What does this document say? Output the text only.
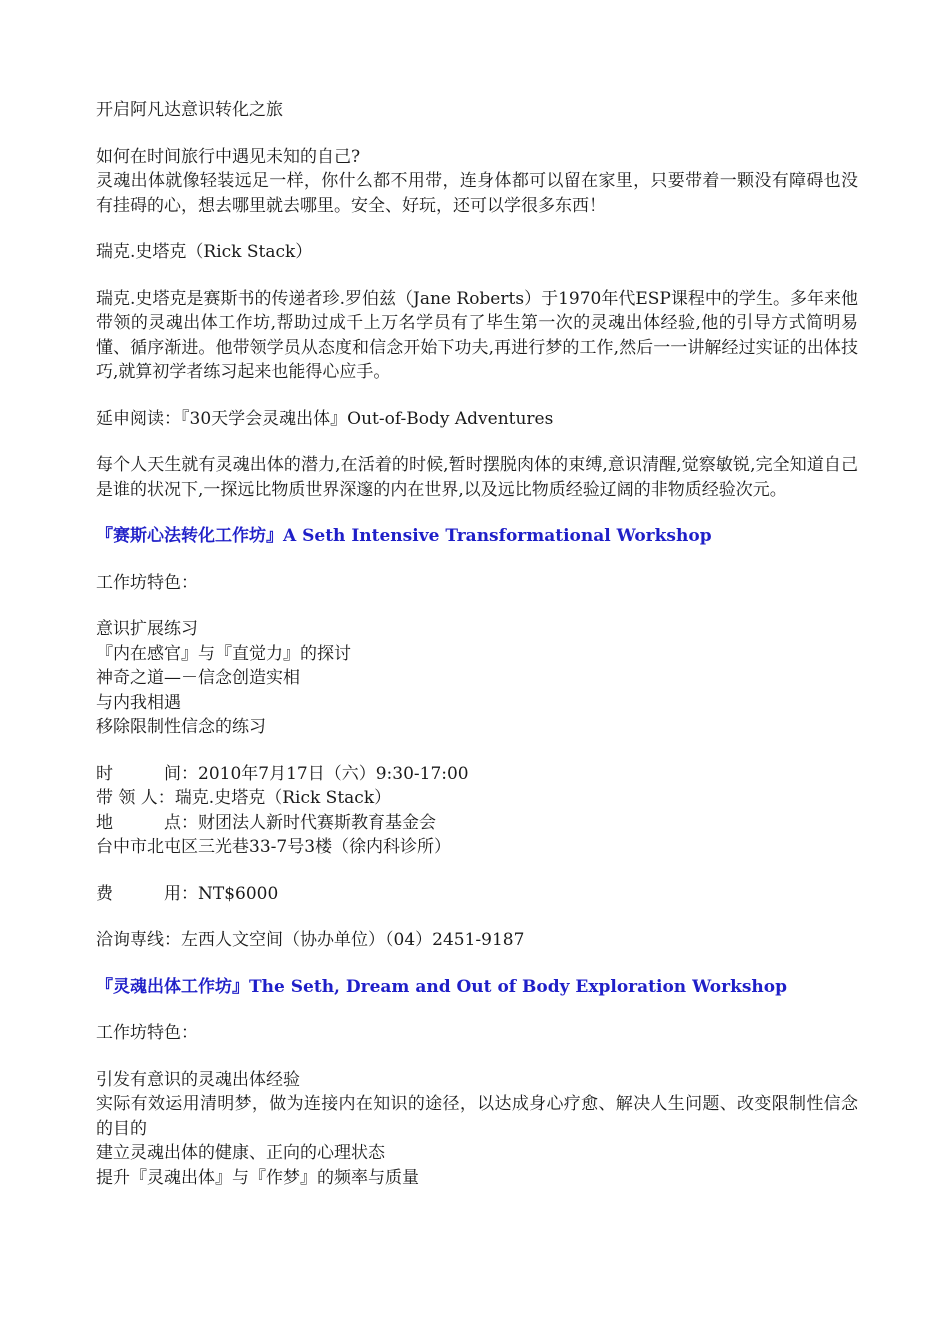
开启阿凡达意识转化之旅

如何在时间旅行中遇见未知的自己?
灵魂出体就像轻装远足一样，你什么都不用带，连身体都可以留在家里，只要带着一颗没有障碍也没有挂碍的心，想去哪里就去哪里。安全、好玩，还可以学很多东西！

瑞克.史塔克（Rick Stack）

瑞克.史塔克是赛斯书的传递者珍.罗伯兹（Jane Roberts）于1970年代ESP课程中的学生。多年来他带领的灵魂出体工作坊,帮助过成千上万名学员有了毕生第一次的灵魂出体经验,他的引导方式简明易懂、循序渐进。他带领学员从态度和信念开始下功夫,再进行梦的工作,然后一一讲解经过实证的出体技巧,就算初学者练习起来也能得心应手。

延申阅读：『30天学会灵魂出体』Out-of-Body Adventures

每个人天生就有灵魂出体的潜力,在活着的时候,暂时摆脱肉体的束缚,意识清醒,觉察敏锐,完全知道自己是谁的状况下,一探远比物质世界深邃的内在世界,以及远比物质经验辽阔的非物质经验次元。

『赛斯心法转化工作坊』A Seth Intensive Transformational Workshop

工作坊特色：

意识扩展练习
『内在感官』与『直觉力』的探讨
神奇之道—－信念创造实相
与内我相遇
移除限制性信念的练习

时　　　间：2010年7月17日（六）9:30-17:00
带 领 人：瑞克.史塔克（Rick Stack）
地　　　点：财团法人新时代赛斯教育基金会
台中市北屯区三光巷33-7号3楼（徐内科诊所）

费　　　用：NT$6000

洽询専线：左西人文空间（协办单位）（04）2451-9187

『灵魂出体工作坊』The Seth, Dream and Out of Body Exploration Workshop

工作坊特色：

引发有意识的灵魂出体经验
实际有效运用清明梦，做为连接内在知识的途径，以达成身心疗愈、解决人生问题、改变限制性信念的目的
建立灵魂出体的健康、正向的心理状态
提升『灵魂出体』与『作梦』的频率与质量
